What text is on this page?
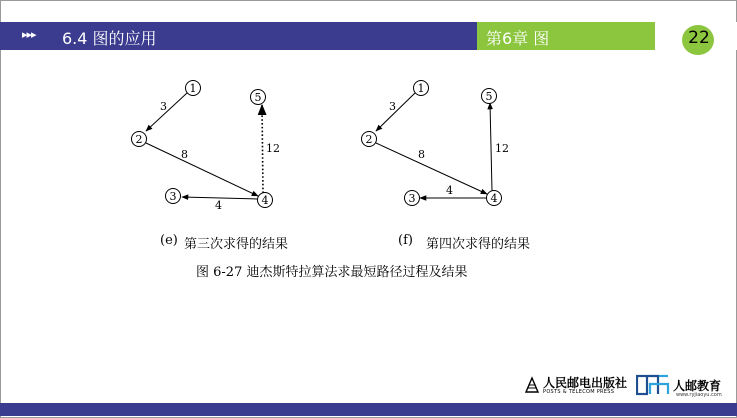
▸▸▸ 6.4 图的应用	第6章 图	22
1
2
3	4
5
3
8
4
12
1
2
3	4
5
3
8
4
12
(e) 第三次求得的结果	(f) 第四次求得的结果
图 6-27 迪杰斯特拉算法求最短路径过程及结果
人民邮电出版社
POSTS & TELECOM PRESS	人邮教育
www.ryjiaoyu.com
